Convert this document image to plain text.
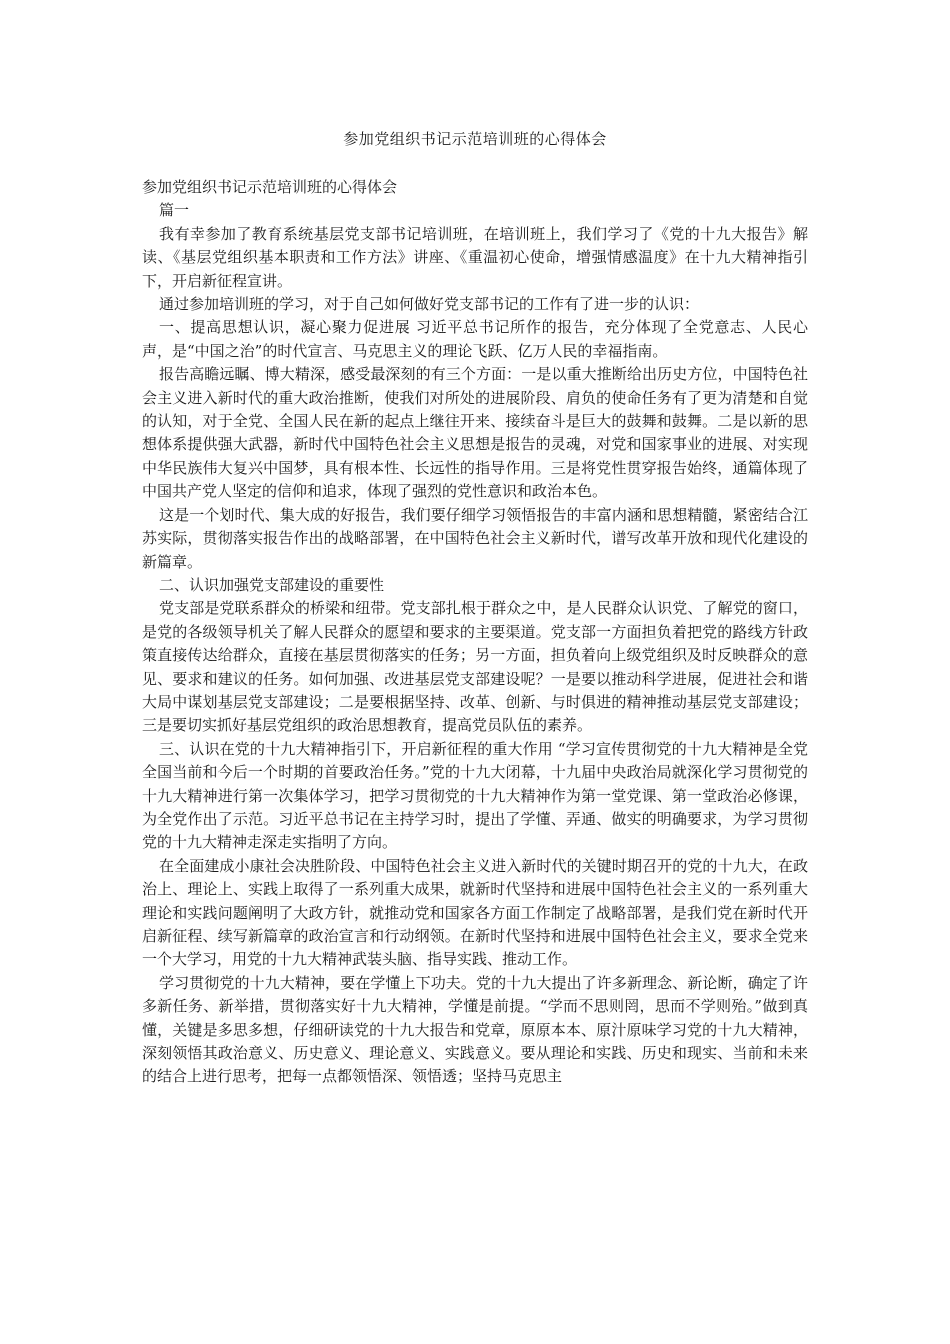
参加党组织书记示范培训班的心得体会

参加党组织书记示范培训班的心得体会

篇一

我有幸参加了教育系统基层党支部书记培训班，在培训班上，我们学习了《党的十九大报告》解读、《基层党组织基本职责和工作方法》讲座、《重温初心使命，增强情感温度》在十九大精神指引下，开启新征程宣讲。

通过参加培训班的学习，对于自己如何做好党支部书记的工作有了进一步的认识：

一、提高思想认识，凝心聚力促进展 习近平总书记所作的报告，充分体现了全党意志、人民心声，是“中国之治”的时代宣言、马克思主义的理论飞跃、亿万人民的幸福指南。

报告高瞻远瞩、博大精深，感受最深刻的有三个方面：一是以重大推断给出历史方位，中国特色社会主义进入新时代的重大政治推断，使我们对所处的进展阶段、肩负的使命任务有了更为清楚和自觉的认知，对于全党、全国人民在新的起点上继往开来、接续奋斗是巨大的鼓舞和鼓舞。二是以新的思想体系提供强大武器，新时代中国特色社会主义思想是报告的灵魂，对党和国家事业的进展、对实现中华民族伟大复兴中国梦，具有根本性、长远性的指导作用。三是将党性贯穿报告始终，通篇体现了中国共产党人坚定的信仰和追求，体现了强烈的党性意识和政治本色。

这是一个划时代、集大成的好报告，我们要仔细学习领悟报告的丰富内涵和思想精髓，紧密结合江苏实际，贯彻落实报告作出的战略部署，在中国特色社会主义新时代，谱写改革开放和现代化建设的新篇章。

二、认识加强党支部建设的重要性

党支部是党联系群众的桥梁和纽带。党支部扎根于群众之中，是人民群众认识党、了解党的窗口，是党的各级领导机关了解人民群众的愿望和要求的主要渠道。党支部一方面担负着把党的路线方针政策直接传达给群众，直接在基层贯彻落实的任务；另一方面，担负着向上级党组织及时反映群众的意见、要求和建议的任务。如何加强、改进基层党支部建设呢？一是要以推动科学进展，促进社会和谐大局中谋划基层党支部建设；二是要根据坚持、改革、创新、与时俱进的精神推动基层党支部建设；三是要切实抓好基层党组织的政治思想教育，提高党员队伍的素养。

三、认识在党的十九大精神指引下，开启新征程的重大作用 “学习宣传贯彻党的十九大精神是全党全国当前和今后一个时期的首要政治任务。”党的十九大闭幕，十九届中央政治局就深化学习贯彻党的十九大精神进行第一次集体学习，把学习贯彻党的十九大精神作为第一堂党课、第一堂政治必修课，为全党作出了示范。习近平总书记在主持学习时，提出了学懂、弄通、做实的明确要求，为学习贯彻党的十九大精神走深走实指明了方向。

在全面建成小康社会决胜阶段、中国特色社会主义进入新时代的关键时期召开的党的十九大，在政治上、理论上、实践上取得了一系列重大成果，就新时代坚持和进展中国特色社会主义的一系列重大理论和实践问题阐明了大政方针，就推动党和国家各方面工作制定了战略部署，是我们党在新时代开启新征程、续写新篇章的政治宣言和行动纲领。在新时代坚持和进展中国特色社会主义，要求全党来一个大学习，用党的十九大精神武装头脑、指导实践、推动工作。

学习贯彻党的十九大精神，要在学懂上下功夫。党的十九大提出了许多新理念、新论断，确定了许多新任务、新举措，贯彻落实好十九大精神，学懂是前提。“学而不思则罔，思而不学则殆。”做到真懂，关键是多思多想，仔细研读党的十九大报告和党章，原原本本、原汁原味学习党的十九大精神，深刻领悟其政治意义、历史意义、理论意义、实践意义。要从理论和实践、历史和现实、当前和未来的结合上进行思考，把每一点都领悟深、领悟透；坚持马克思主
